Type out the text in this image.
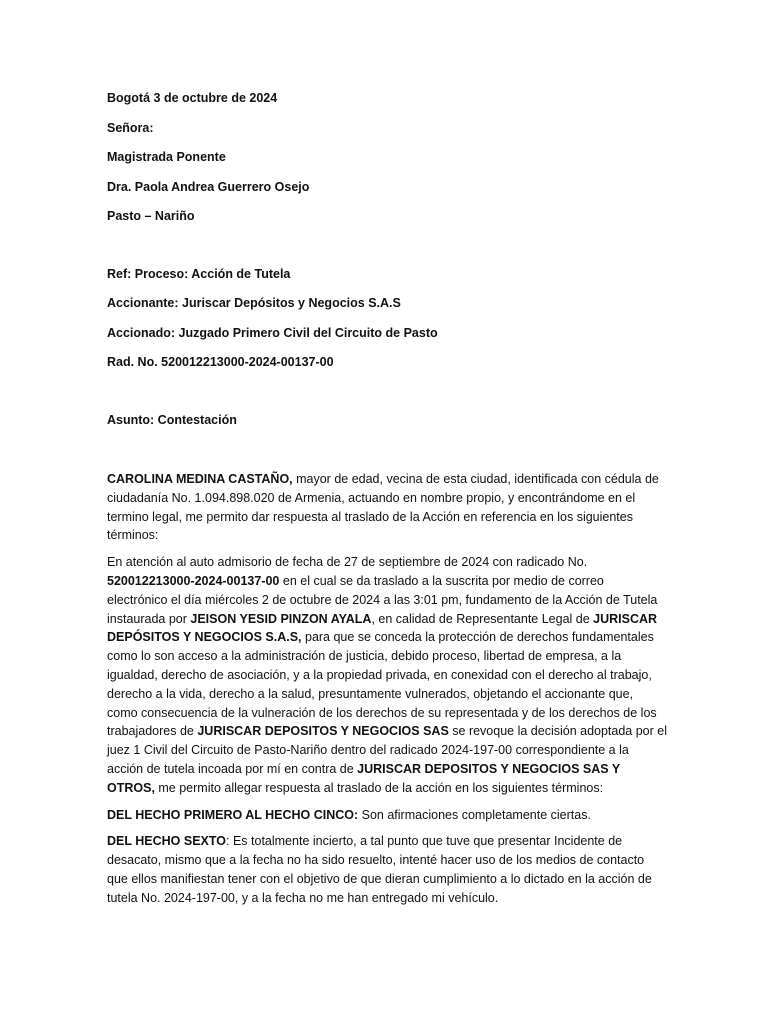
Bogotá 3 de octubre de 2024
Señora:
Magistrada Ponente
Dra. Paola Andrea Guerrero Osejo
Pasto – Nariño
Ref: Proceso: Acción de Tutela
Accionante: Juriscar Depósitos y Negocios S.A.S
Accionado: Juzgado Primero Civil del Circuito de Pasto
Rad. No. 520012213000-2024-00137-00
Asunto: Contestación

CAROLINA MEDINA CASTAÑO, mayor de edad, vecina de esta ciudad, identificada con cédula de ciudadanía No. 1.094.898.020 de Armenia, actuando en nombre propio, y encontrándome en el termino legal, me permito dar respuesta al traslado de la Acción en referencia en los siguientes términos:

En atención al auto admisorio de fecha de 27 de septiembre de 2024 con radicado No. 520012213000-2024-00137-00 en el cual se da traslado a la suscrita por medio de correo electrónico el día miércoles 2 de octubre de 2024 a las 3:01 pm, fundamento de la Acción de Tutela instaurada por JEISON YESID PINZON AYALA, en calidad de Representante Legal de JURISCAR DEPÓSITOS Y NEGOCIOS S.A.S, para que se conceda la protección de derechos fundamentales como lo son acceso a la administración de justicia, debido proceso, libertad de empresa, a la igualdad, derecho de asociación, y a la propiedad privada, en conexidad con el derecho al trabajo, derecho a la vida, derecho a la salud, presuntamente vulnerados, objetando el accionante que, como consecuencia de la vulneración de los derechos de su representada y de los derechos de los trabajadores de JURISCAR DEPOSITOS Y NEGOCIOS SAS se revoque la decisión adoptada por el juez 1 Civil del Circuito de Pasto-Nariño dentro del radicado 2024-197-00 correspondiente a la acción de tutela incoada por mí en contra de JURISCAR DEPOSITOS Y NEGOCIOS SAS Y OTROS, me permito allegar respuesta al traslado de la acción en los siguientes términos:

DEL HECHO PRIMERO AL HECHO CINCO: Son afirmaciones completamente ciertas.

DEL HECHO SEXTO: Es totalmente incierto, a tal punto que tuve que presentar Incidente de desacato, mismo que a la fecha no ha sido resuelto, intenté hacer uso de los medios de contacto que ellos manifiestan tener con el objetivo de que dieran cumplimiento a lo dictado en la acción de tutela No. 2024-197-00, y a la fecha no me han entregado mi vehículo.
